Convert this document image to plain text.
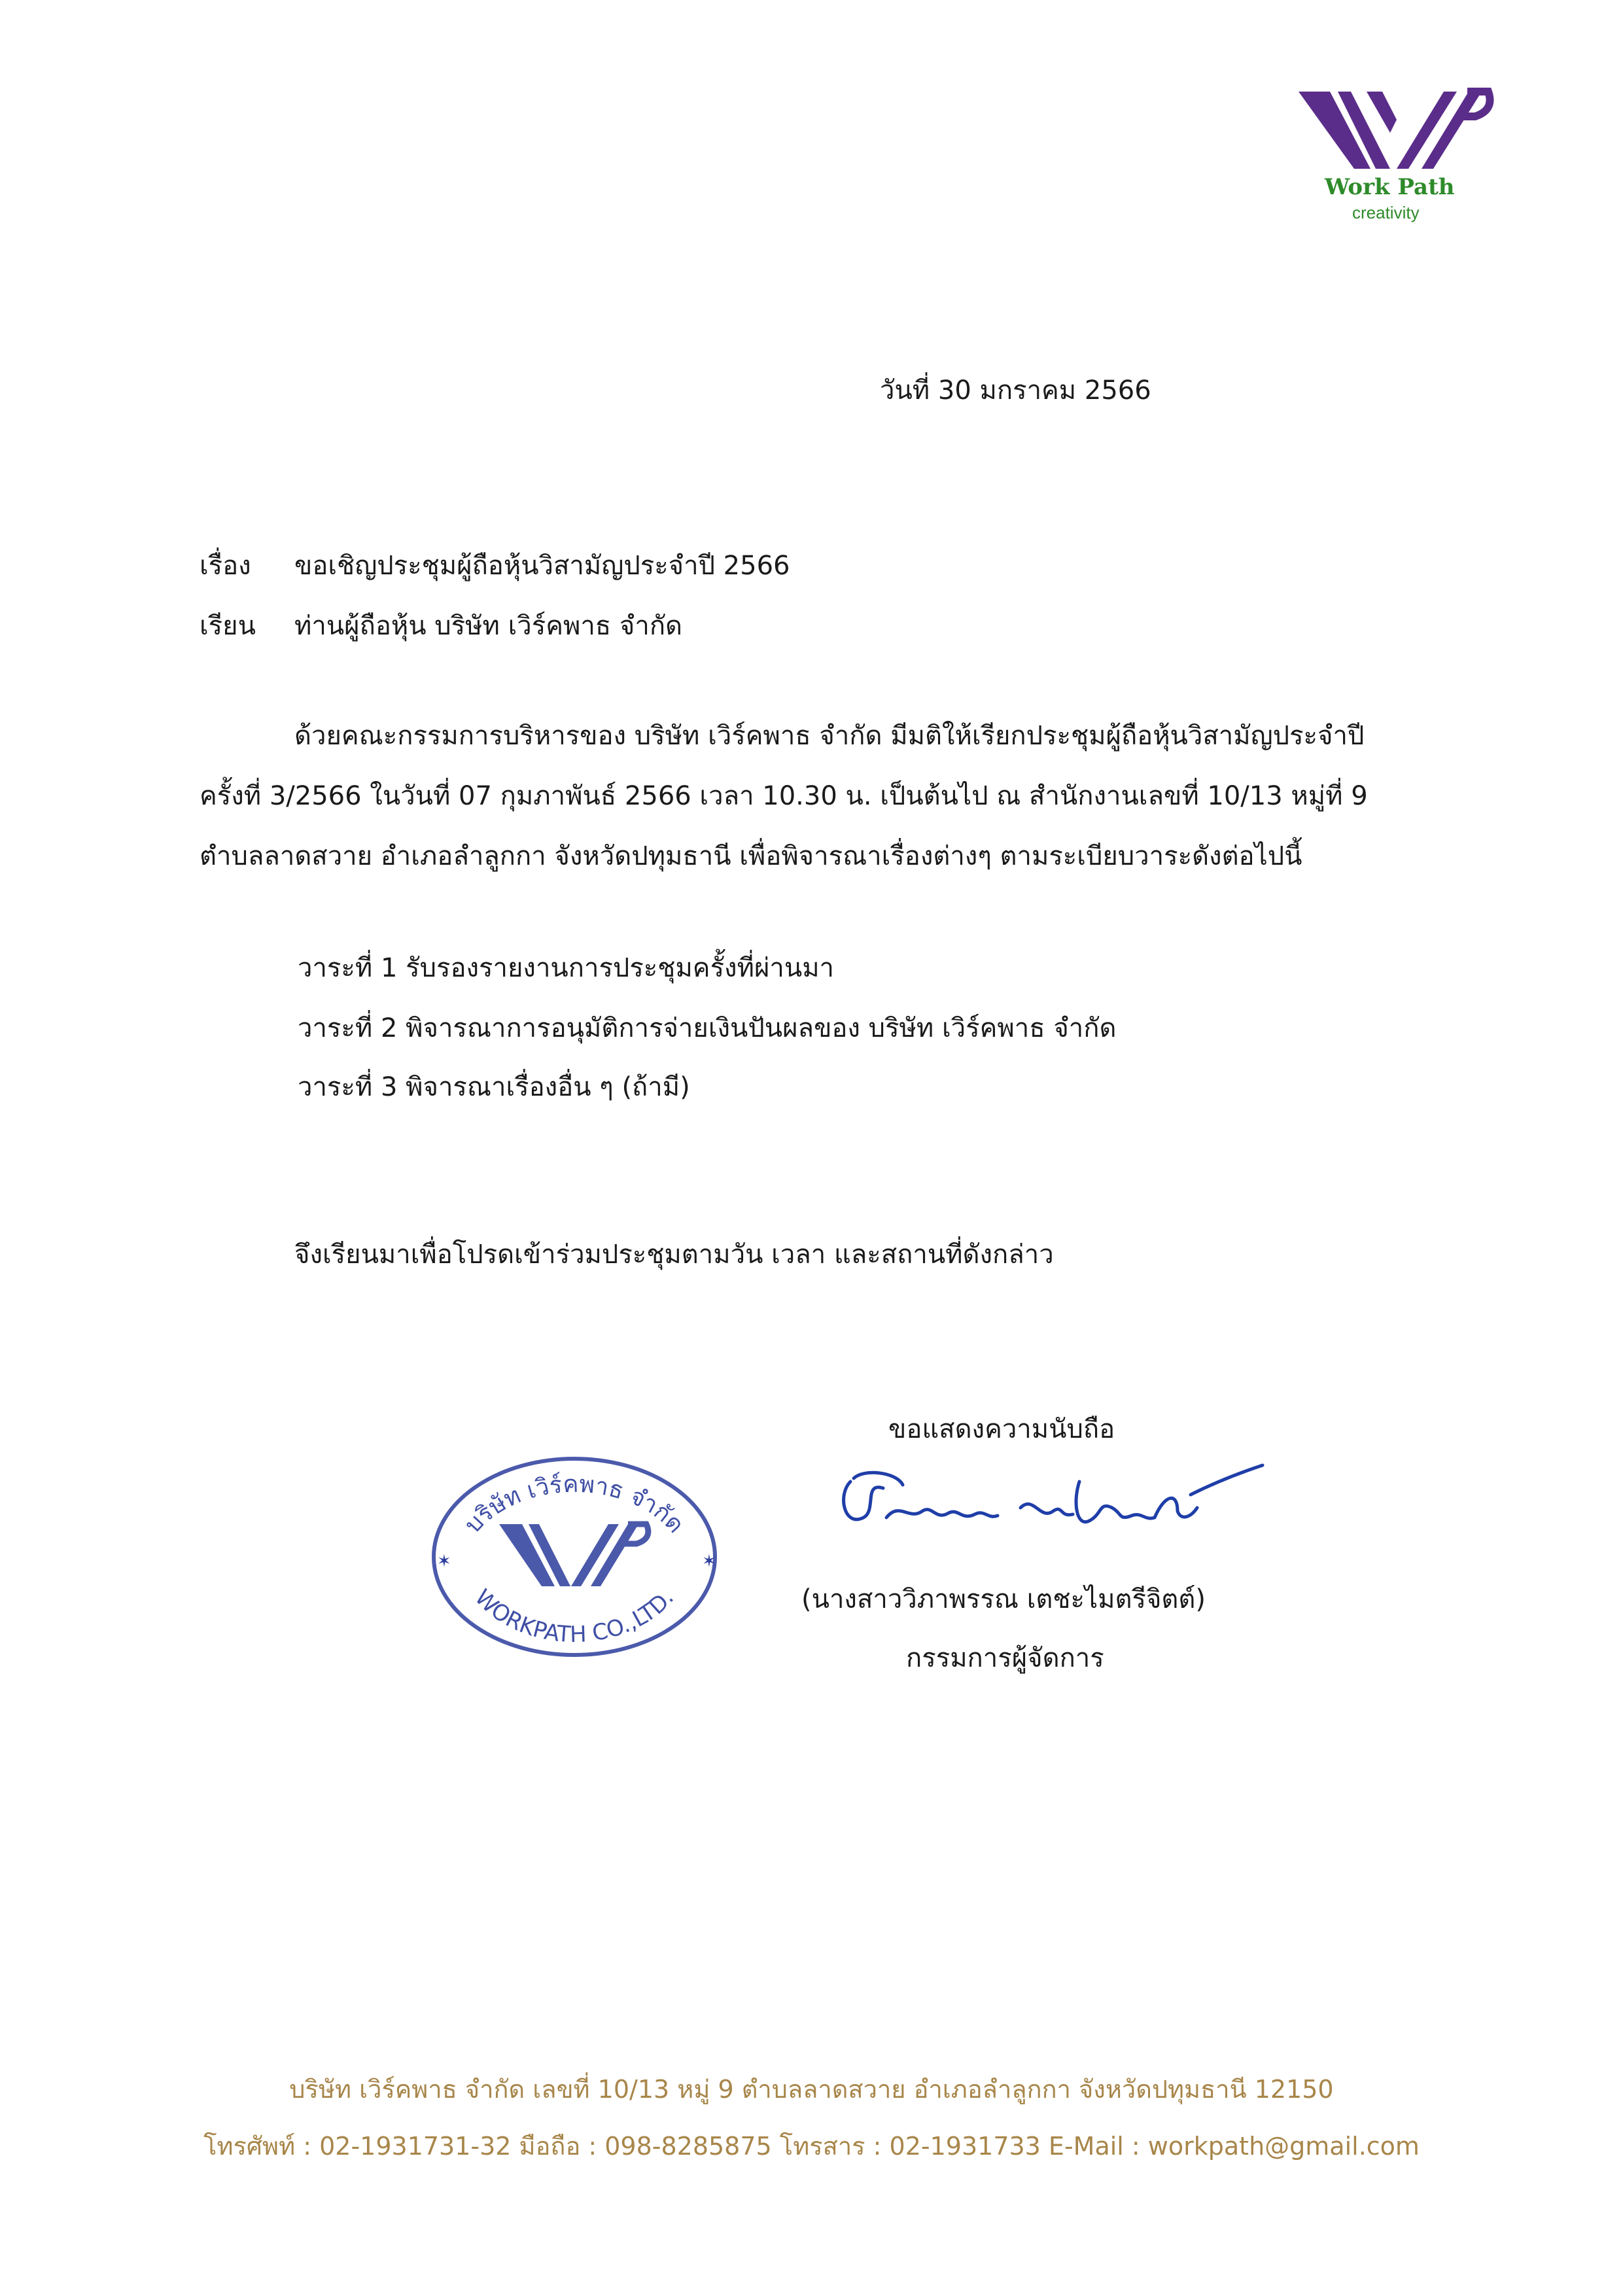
Work Path
creativity
วันที่ 30 มกราคม 2566
เรื่อง ขอเชิญประชุมผู้ถือหุ้นวิสามัญประจำปี 2566
เรียน ท่านผู้ถือหุ้น บริษัท เวิร์คพาธ จำกัด
ด้วยคณะกรรมการบริหารของ บริษัท เวิร์คพาธ จำกัด มีมติให้เรียกประชุมผู้ถือหุ้นวิสามัญประจำปี
ครั้งที่ 3/2566 ในวันที่ 07 กุมภาพันธ์ 2566 เวลา 10.30 น. เป็นต้นไป ณ สำนักงานเลขที่ 10/13 หมู่ที่ 9
ตำบลลาดสวาย อำเภอลำลูกกา จังหวัดปทุมธานี เพื่อพิจารณาเรื่องต่างๆ ตามระเบียบวาระดังต่อไปนี้
วาระที่ 1 รับรองรายงานการประชุมครั้งที่ผ่านมา
วาระที่ 2 พิจารณาการอนุมัติการจ่ายเงินปันผลของ บริษัท เวิร์คพาธ จำกัด
วาระที่ 3 พิจารณาเรื่องอื่น ๆ (ถ้ามี)
จึงเรียนมาเพื่อโปรดเข้าร่วมประชุมตามวัน เวลา และสถานที่ดังกล่าว
บริษัท เวิร์คพาธ จำกัด
WORKPATH CO.,LTD.
✶	✶
ขอแสดงความนับถือ
(นางสาววิภาพรรณ เตชะไมตรีจิตต์)
กรรมการผู้จัดการ
บริษัท เวิร์คพาธ จำกัด เลขที่ 10/13 หมู่ 9 ตำบลลาดสวาย อำเภอลำลูกกา จังหวัดปทุมธานี 12150
โทรศัพท์ : 02-1931731-32 มือถือ : 098-8285875 โทรสาร : 02-1931733 E-Mail : workpath@gmail.com
